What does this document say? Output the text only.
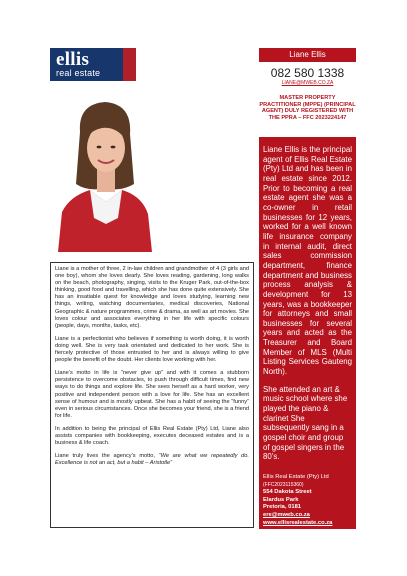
ellis
real estate
Liane Ellis
082 580 1338
LIANE@MWEB.CO.ZA
MASTER PROPERTY PRACTITIONER (MPPE) (PRINCIPAL AGENT) DULY REGISTERED WITH THE PPRA – FFC 2023224147

Liane Ellis is the principal agent of Ellis Real Estate (Pty) Ltd and has been in real estate since 2012. Prior to becoming a real estate agent she was a co-owner in retail businesses for 12 years, worked for a well known life insurance company in internal audit, direct sales commission department, finance department and business process analysis & development for 13 years, was a bookkeeper for attorneys and small businesses for several years and acted as the Treasurer and Board Member of MLS (Multi Listing Services Gauteng North).

She attended an art & music school where she played the piano & clarinet She subsequently sang in a gospel choir and group of gospel singers in the 80’s.

Ellis Real Estate (Pty) Ltd
(FFC2023115360)
554 Dakota Street
Elardus Park
Pretoria, 0181
ere@mweb.co.za
www.ellisrealestate.co.za
… feeling at home with us

Liane is a mother of three, 2 in-law children and grandmother of 4 (3 girls and one boy), whom she loves dearly. She loves reading, gardening, long walks on the beach, photography, singing, visits to the Kruger Park, out-of-the-box thinking, good food and travelling, which she has done quite extensively. She has an insatiable quest for knowledge and loves studying, learning new things, writing, watching documentaries, medical discoveries, National Geographic & nature programmes, crime & drama, as well as art movies. She loves colour and associates everything in her life with specific colours (people, days, months, tasks, etc).

Liane is a perfectionist who believes if something is worth doing, it is worth doing well. She is very task orientated and dedicated to her work. She is fiercely protective of those entrusted to her and is always willing to give people the benefit of the doubt. Her clients love working with her.

Liane’s motto in life is “never give up” and with it comes a stubborn persistence to overcome obstacles, to push through difficult times, find new ways to do things and explore life. She sees herself as a hard worker, very positive and independent person with a love for life. She has an excellent sense of humour and is mostly upbeat. She has a habit of seeing the “funny” even in serious circumstances. Once she becomes your friend, she is a friend for life.

In addition to being the principal of Ellis Real Estate (Pty) Ltd, Liane also assists companies with bookkeeping, executes deceased estates and is a business & life coach.

Liane truly lives the agency’s motto, “We are what we repeatedly do. Excellence is not an act, but a habit – Aristotle”
